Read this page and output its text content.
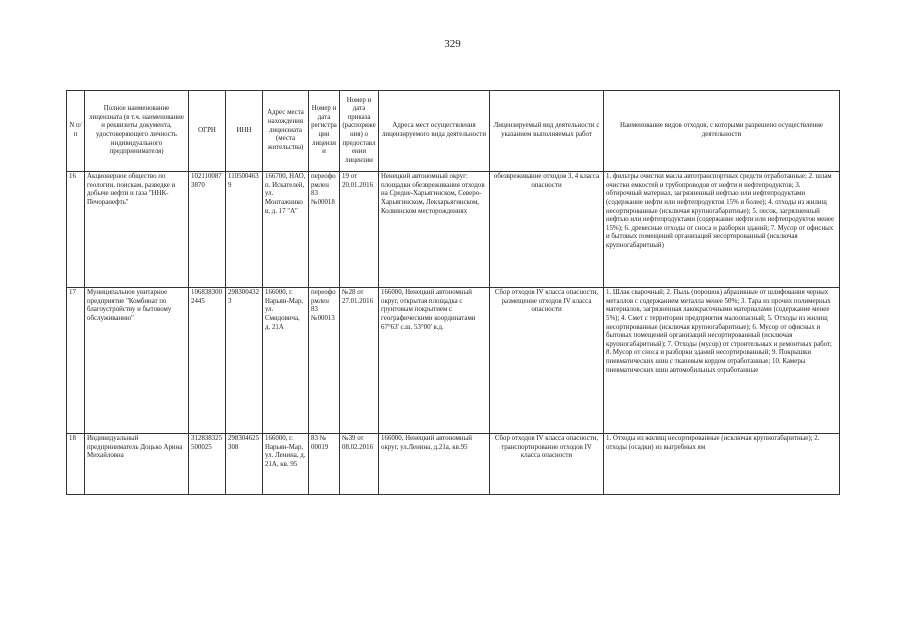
329
N п/п	Полное наименование лицензиата (в т.ч. наименование и реквизиты документа, удостоверяющего личность индивидуального предпринимателя)	ОГРН	ИНН	Адрес места нахождения лицензиата (места жительства)	Номер и дата регистрации лицензии	Номер и дата приказа (распоряжения) о предоставлении лицензии	Адреса мест осуществления лицензируемого вида деятельности	Лицензируемый вид деятельности с указанием выполняемых работ	Наименование видов отходов, с которыми разрешено осуществление деятельности
16	Акционерное общество по геологии, поискам, разведке и добыче нефти и газа "ННК-Печоранефть"	1021100873870	1105004639	166700, НАО, п. Искателей, ул. Монтажников, д. 17 "А"	переоформлен 83 №00018	19 от 20.01.2016	Ненецкий автономный округ: площадки обезвреживания отходов на Средне-Харьягинском, Северо-Харьягинском, Лекхарьягинском, Колвинском месторождениях	обезвреживание отходов 3, 4 класса опасности	1. фильтры очистки масла автотранспортных средств отработанные; 2. шлам очистки емкостей и трубопроводов от нефти и нефтепродуктов; 3. обтирочный материал, загрязненный нефтью или нефтепродуктами (содержание нефти или нефтепродуктов 15% и более); 4. отходы из жилищ несортированные (исключая крупногабаритные); 5. песок, загрязненный нефтью или нефтепродуктами (содержание нефти или нефтепродуктов менее 15%); 6. древесные отходы от сноса и разборки зданий; 7. Мусор от офисных и бытовых помещений организаций несортированный (исключая крупногабаритный)
17	Муниципальное унитарное предприятие "Комбинат по благоустройству и бытовому обслуживанию"	1068383002445	2983004323	166000, г. Нарьян-Мар, ул. Смидовича, д. 21А	переоформлен 83 №00013	№28 от 27.01.2016	166000, Ненецкий автономный округ, открытая площадка с грунтовым покрытием с географическими координатами 67°63' с.ш. 53°00' в.д.	Сбор отходов IV класса опасности, размещение отходов IV класса опасности	1. Шлак сварочный; 2. Пыль (порошок) абразивные от шлифования черных металлов с содержанием металла менее 50%; 3. Тара из прочих полимерных материалов, загрязненная лакокрасочными материалами (содержание менее 5%); 4. Смет с территории предприятия малоопасный; 5. Отходы из жилищ несортированные (исключая крупногабаритные); 6. Мусор от офисных и бытовых помещений организаций несортированный (исключая крупногабаритный); 7. Отходы (мусор) от строительных и ремонтных работ; 8. Мусор от сноса и разборки зданий несортированный; 9. Покрышки пневматических шин с тканевым кордом отработанные; 10. Камеры пневматических шин автомобильных отработанные
18	Индивидуальный предприниматель Доцько Арина Михайловна	312838325500025	298304625308	166000, г. Нарьян-Мар, ул. Ленина, д. 21А, кв. 95	83 № 00019	№39 от 08.02.2016	166000, Ненецкий автономный округ, ул.Ленина, д.21а, кв.95	Сбор отходов IV класса опасности, транспортирование отходов IV класса опасности	1. Отходы из жилищ несортированные (исключая крупногабаритные); 2. отходы (осадки) из выгребных ям
